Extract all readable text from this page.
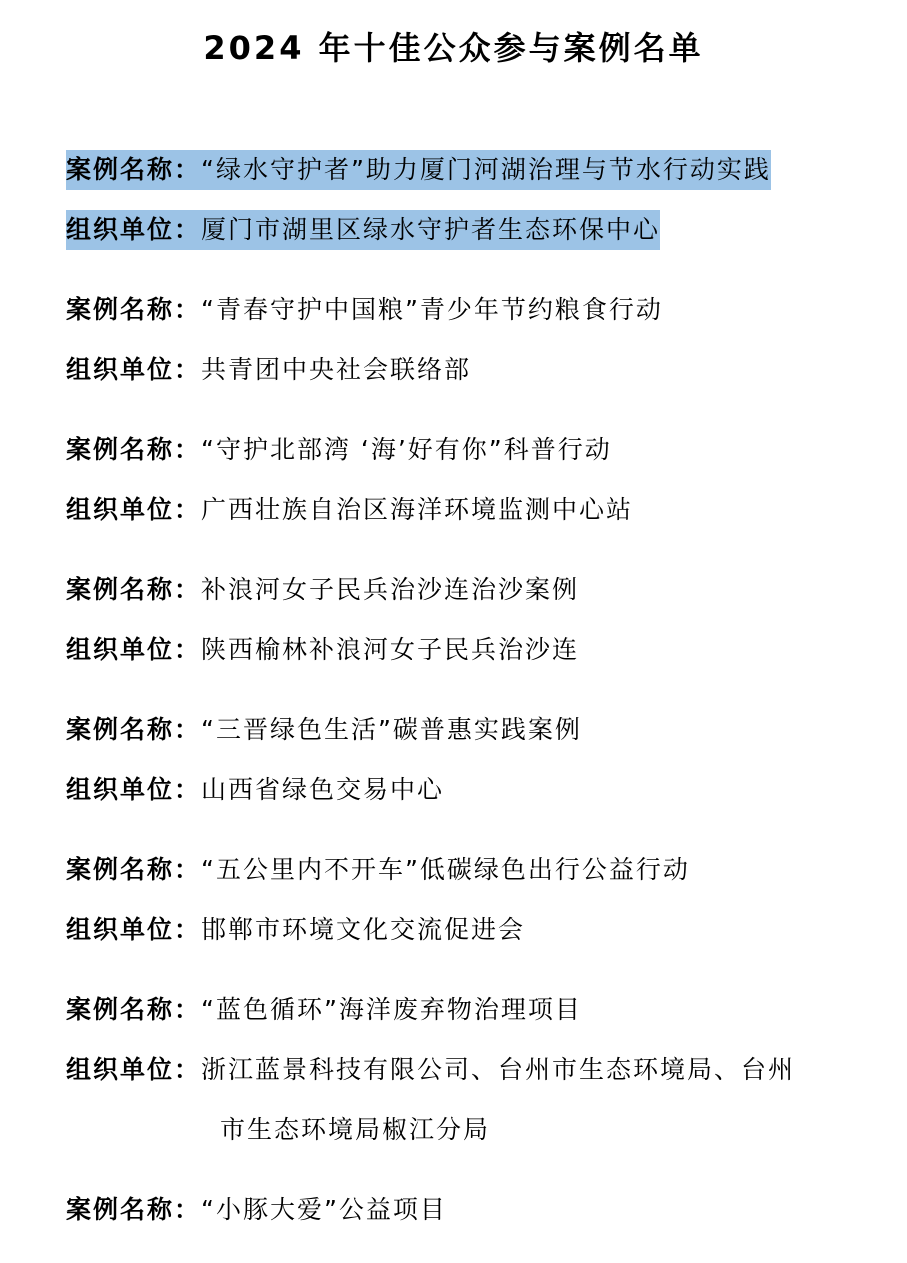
2024 年十佳公众参与案例名单
案例名称：“绿水守护者”助力厦门河湖治理与节水行动实践
组织单位：厦门市湖里区绿水守护者生态环保中心
案例名称：“青春守护中国粮”青少年节约粮食行动
组织单位：共青团中央社会联络部
案例名称：“守护北部湾 ‘海’好有你”科普行动
组织单位：广西壮族自治区海洋环境监测中心站
案例名称：补浪河女子民兵治沙连治沙案例
组织单位：陕西榆林补浪河女子民兵治沙连
案例名称：“三晋绿色生活”碳普惠实践案例
组织单位：山西省绿色交易中心
案例名称：“五公里内不开车”低碳绿色出行公益行动
组织单位：邯郸市环境文化交流促进会
案例名称：“蓝色循环”海洋废弃物治理项目
组织单位：浙江蓝景科技有限公司、台州市生态环境局、台州
市生态环境局椒江分局
案例名称：“小豚大爱”公益项目
